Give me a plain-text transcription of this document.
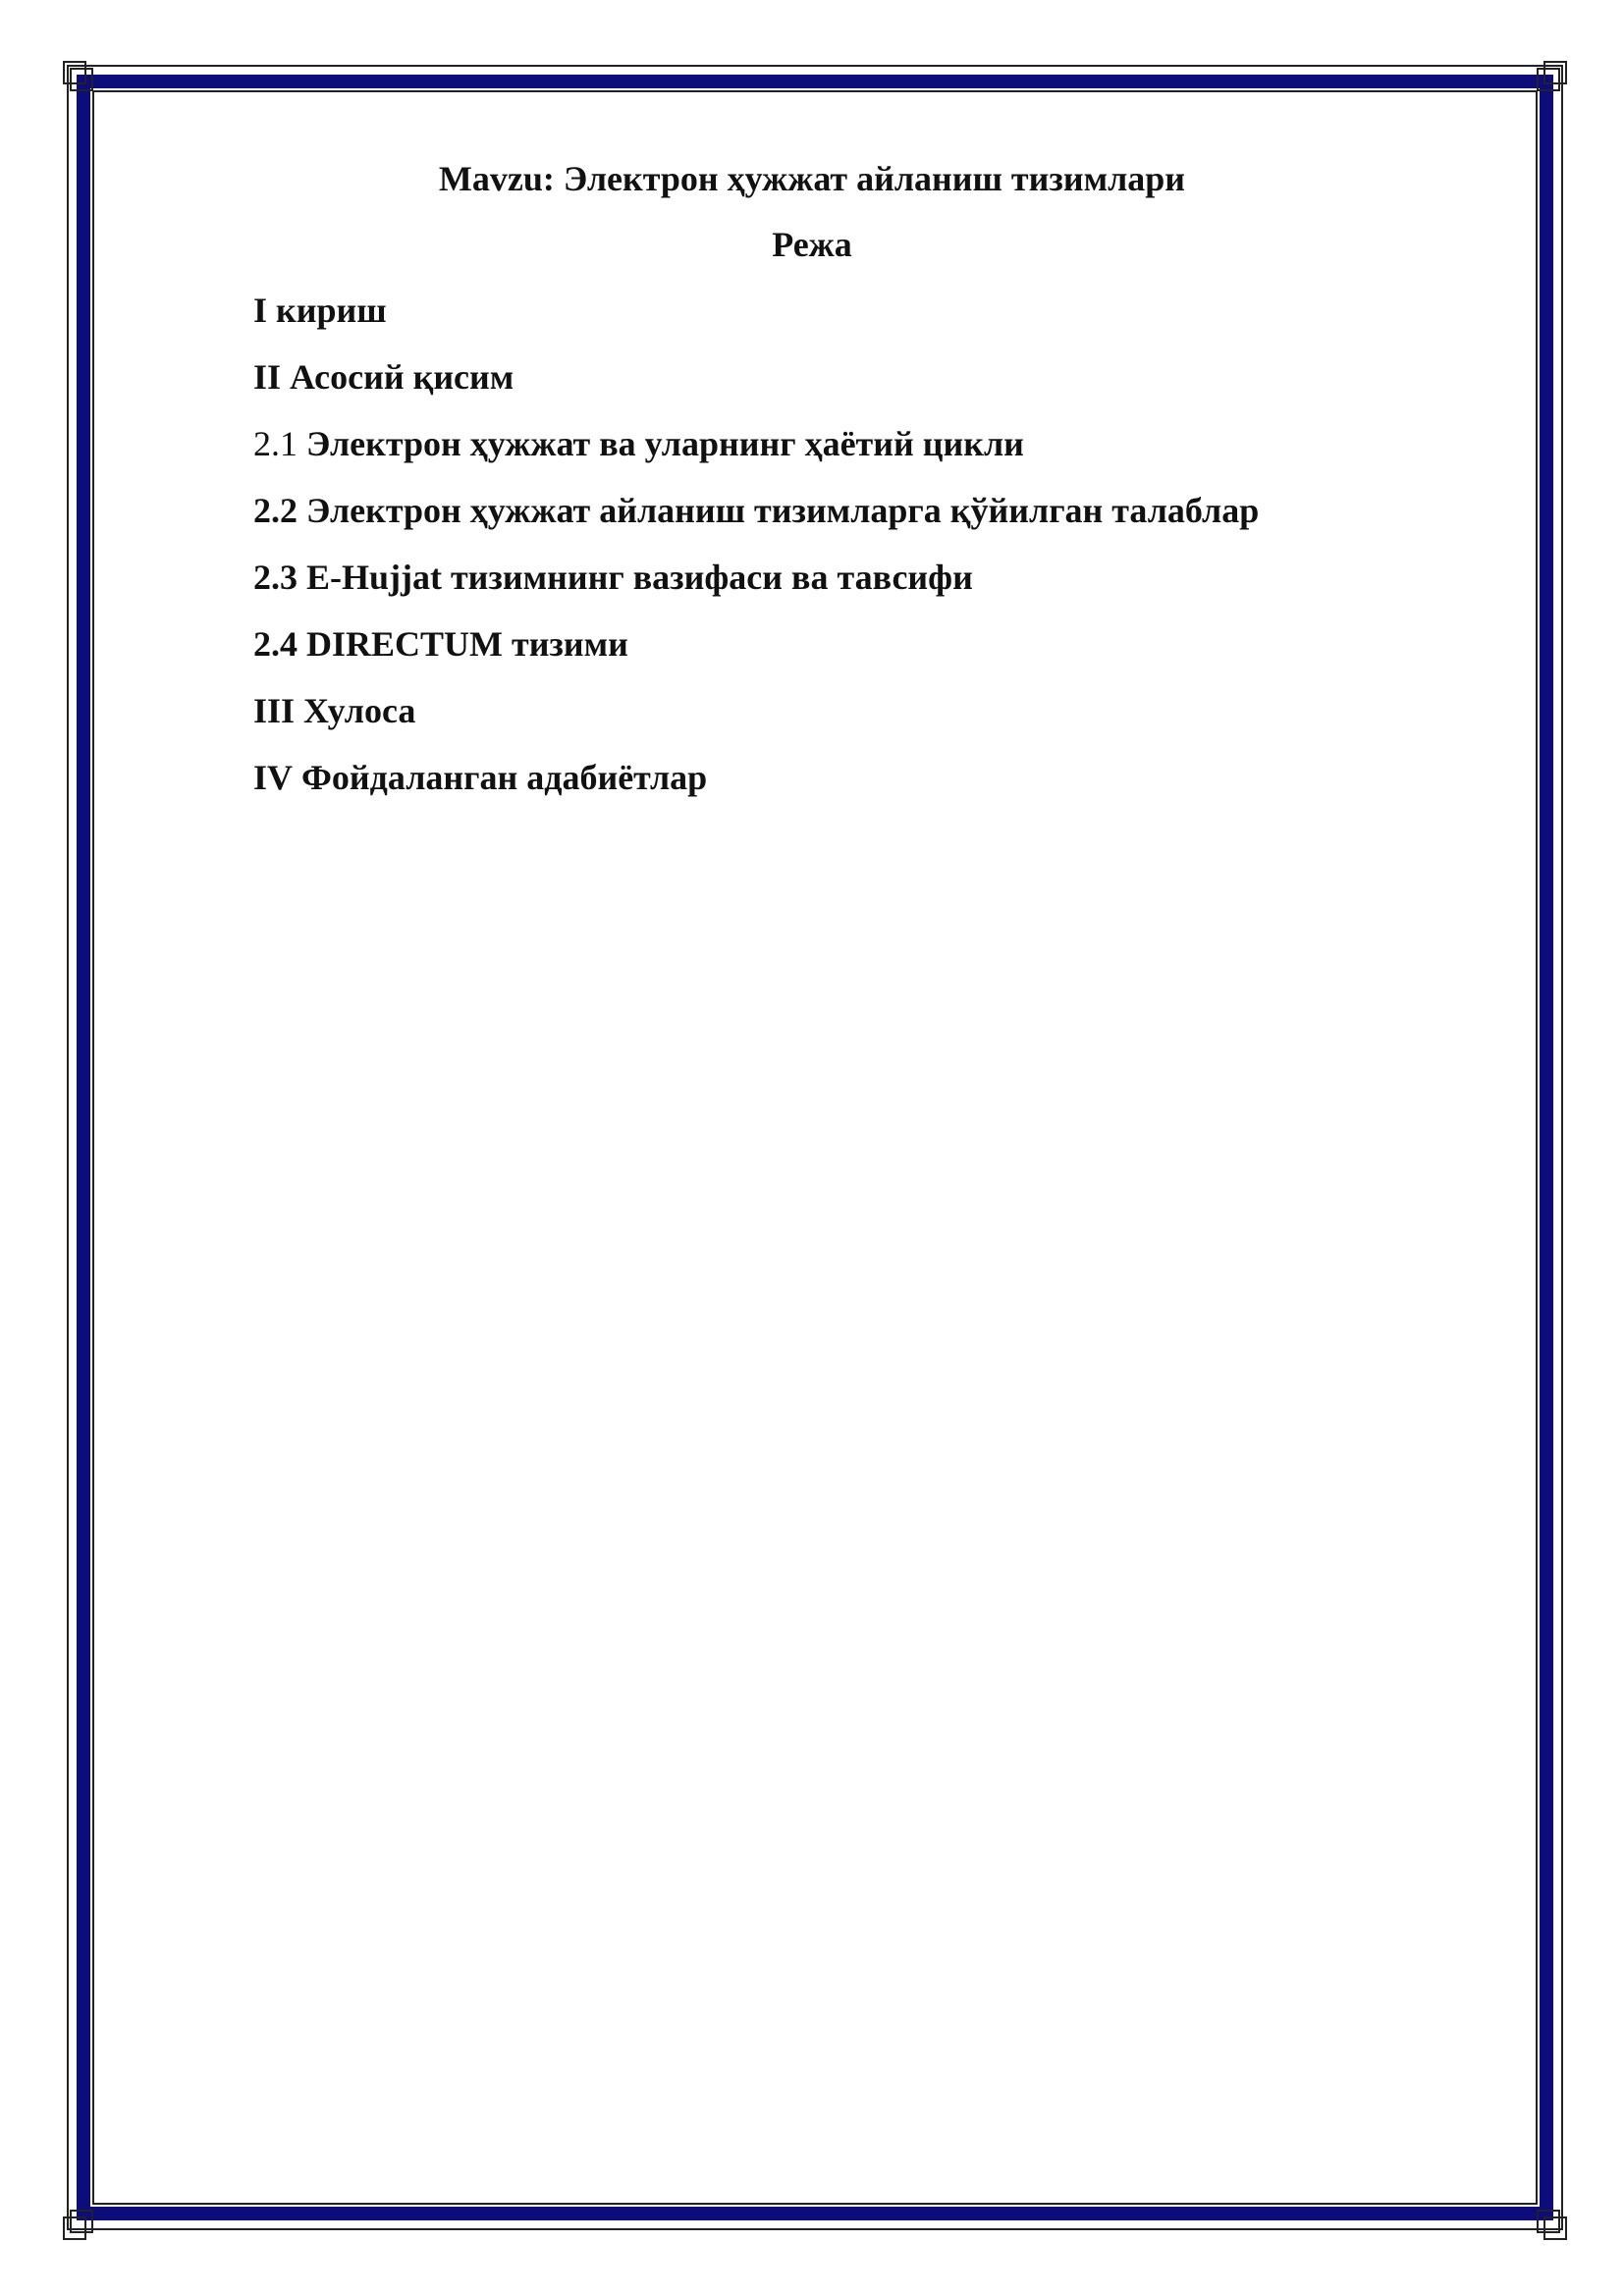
Mavzu: Электрон ҳужжат айланиш тизимлари
Режа
I кириш
II Асосий қисим
2.1 Электрон ҳужжат ва уларнинг ҳаётий цикли
2.2 Электрон ҳужжат айланиш тизимларга қўйилган талаблар
2.3 E-Hujjat тизимнинг вазифаси ва тавсифи
2.4 DIRECTUM тизими
III Хулоса
IV Фойдаланган адабиётлар
